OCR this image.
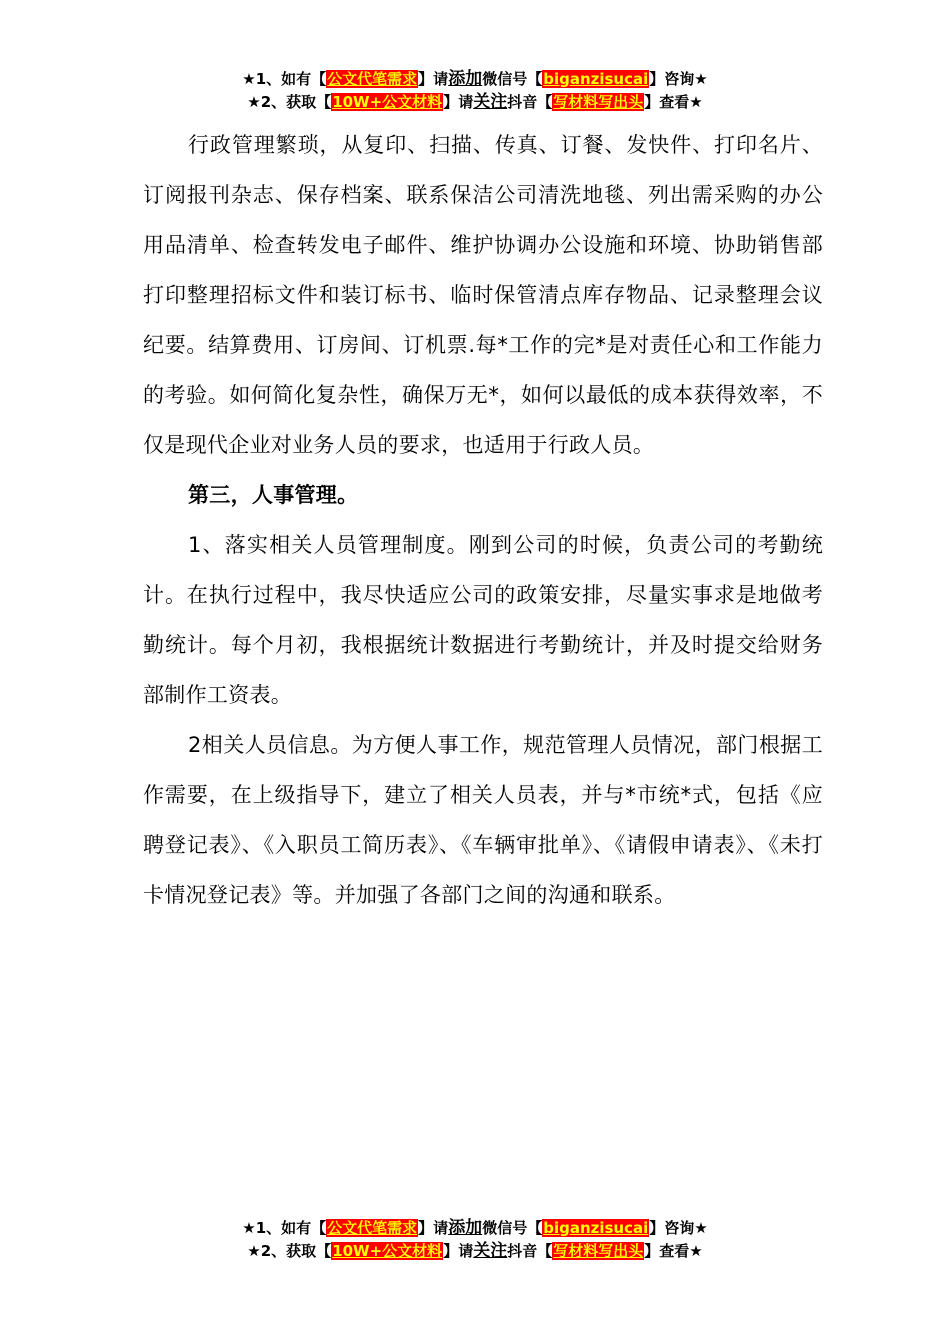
★1、如有【公文代笔需求】请添加微信号【biganzisucai】咨询★
★2、获取【10W+公文材料】请关注抖音【写材料写出头】查看★

行政管理繁琐，从复印、扫描、传真、订餐、发快件、打印名片、订阅报刊杂志、保存档案、联系保洁公司清洗地毯、列出需采购的办公用品清单、检查转发电子邮件、维护协调办公设施和环境、协助销售部打印整理招标文件和装订标书、临时保管清点库存物品、记录整理会议纪要。结算费用、订房间、订机票.每*工作的完*是对责任心和工作能力的考验。如何简化复杂性，确保万无*，如何以最低的成本获得效率，不仅是现代企业对业务人员的要求，也适用于行政人员。

第三，人事管理。

1、落实相关人员管理制度。刚到公司的时候，负责公司的考勤统计。在执行过程中，我尽快适应公司的政策安排，尽量实事求是地做考勤统计。每个月初，我根据统计数据进行考勤统计，并及时提交给财务部制作工资表。

2相关人员信息。为方便人事工作，规范管理人员情况，部门根据工作需要，在上级指导下，建立了相关人员表，并与*市统*式，包括《应聘登记表》、《入职员工简历表》、《车辆审批单》、《请假申请表》、《未打卡情况登记表》等。并加强了各部门之间的沟通和联系。

★1、如有【公文代笔需求】请添加微信号【biganzisucai】咨询★
★2、获取【10W+公文材料】请关注抖音【写材料写出头】查看★
